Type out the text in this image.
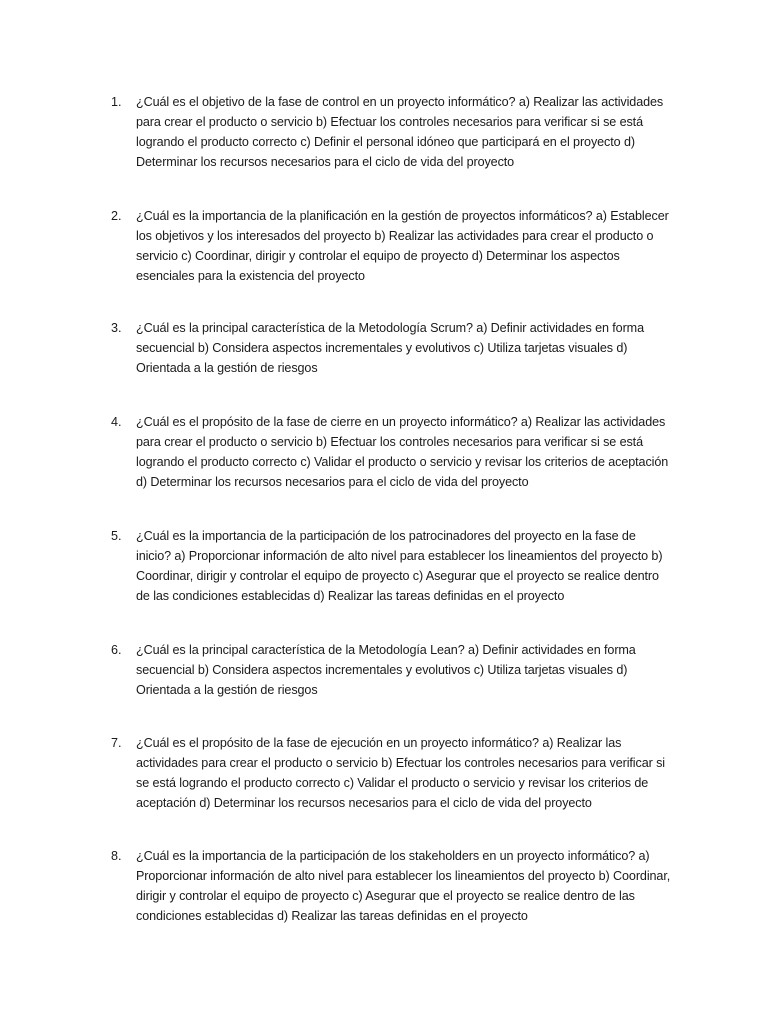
1.	¿Cuál es el objetivo de la fase de control en un proyecto informático? a) Realizar las actividades para crear el producto o servicio b) Efectuar los controles necesarios para verificar si se está logrando el producto correcto c) Definir el personal idóneo que participará en el proyecto d) Determinar los recursos necesarios para el ciclo de vida del proyecto
2.	¿Cuál es la importancia de la planificación en la gestión de proyectos informáticos? a) Establecer los objetivos y los interesados del proyecto b) Realizar las actividades para crear el producto o servicio c) Coordinar, dirigir y controlar el equipo de proyecto d) Determinar los aspectos esenciales para la existencia del proyecto
3.	¿Cuál es la principal característica de la Metodología Scrum? a) Definir actividades en forma secuencial b) Considera aspectos incrementales y evolutivos c) Utiliza tarjetas visuales d) Orientada a la gestión de riesgos
4.	¿Cuál es el propósito de la fase de cierre en un proyecto informático? a) Realizar las actividades para crear el producto o servicio b) Efectuar los controles necesarios para verificar si se está logrando el producto correcto c) Validar el producto o servicio y revisar los criterios de aceptación d) Determinar los recursos necesarios para el ciclo de vida del proyecto
5.	¿Cuál es la importancia de la participación de los patrocinadores del proyecto en la fase de inicio? a) Proporcionar información de alto nivel para establecer los lineamientos del proyecto b) Coordinar, dirigir y controlar el equipo de proyecto c) Asegurar que el proyecto se realice dentro de las condiciones establecidas d) Realizar las tareas definidas en el proyecto
6.	¿Cuál es la principal característica de la Metodología Lean? a) Definir actividades en forma secuencial b) Considera aspectos incrementales y evolutivos c) Utiliza tarjetas visuales d) Orientada a la gestión de riesgos
7.	¿Cuál es el propósito de la fase de ejecución en un proyecto informático? a) Realizar las actividades para crear el producto o servicio b) Efectuar los controles necesarios para verificar si se está logrando el producto correcto c) Validar el producto o servicio y revisar los criterios de aceptación d) Determinar los recursos necesarios para el ciclo de vida del proyecto
8.	¿Cuál es la importancia de la participación de los stakeholders en un proyecto informático? a) Proporcionar información de alto nivel para establecer los lineamientos del proyecto b) Coordinar, dirigir y controlar el equipo de proyecto c) Asegurar que el proyecto se realice dentro de las condiciones establecidas d) Realizar las tareas definidas en el proyecto
